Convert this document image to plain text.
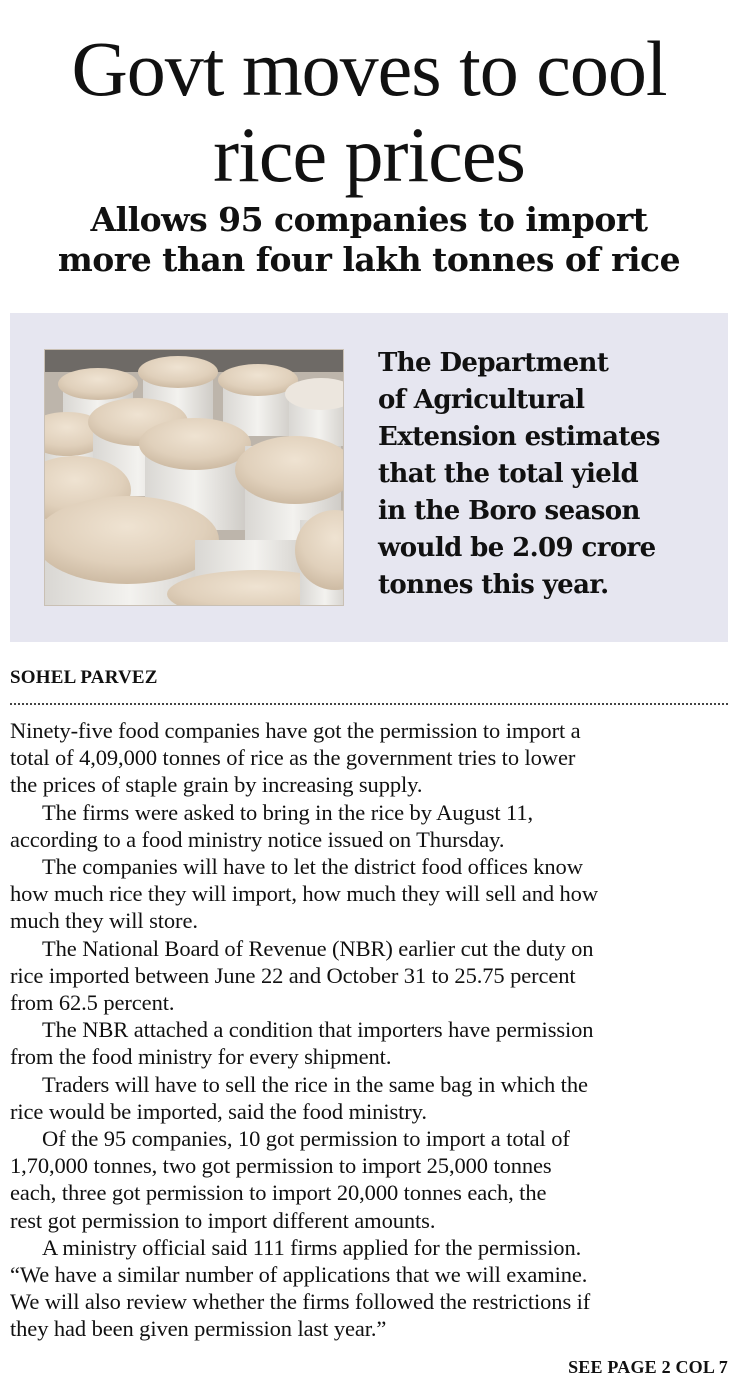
Govt moves to cool
rice prices
Allows 95 companies to import
more than four lakh tonnes of rice

The Department
of Agricultural
Extension estimates
that the total yield
in the Boro season
would be 2.09 crore
tonnes this year.

SOHEL PARVEZ

Ninety-five food companies have got the permission to import a
total of 4,09,000 tonnes of rice as the government tries to lower
the prices of staple grain by increasing supply.

The firms were asked to bring in the rice by August 11,
according to a food ministry notice issued on Thursday.

The companies will have to let the district food offices know
how much rice they will import, how much they will sell and how
much they will store.

The National Board of Revenue (NBR) earlier cut the duty on
rice imported between June 22 and October 31 to 25.75 percent
from 62.5 percent.

The NBR attached a condition that importers have permission
from the food ministry for every shipment.

Traders will have to sell the rice in the same bag in which the
rice would be imported, said the food ministry.

Of the 95 companies, 10 got permission to import a total of
1,70,000 tonnes, two got permission to import 25,000 tonnes
each, three got permission to import 20,000 tonnes each, the
rest got permission to import different amounts.

A ministry official said 111 firms applied for the permission.
“We have a similar number of applications that we will examine.
We will also review whether the firms followed the restrictions if
they had been given permission last year.”

SEE PAGE 2 COL 7
